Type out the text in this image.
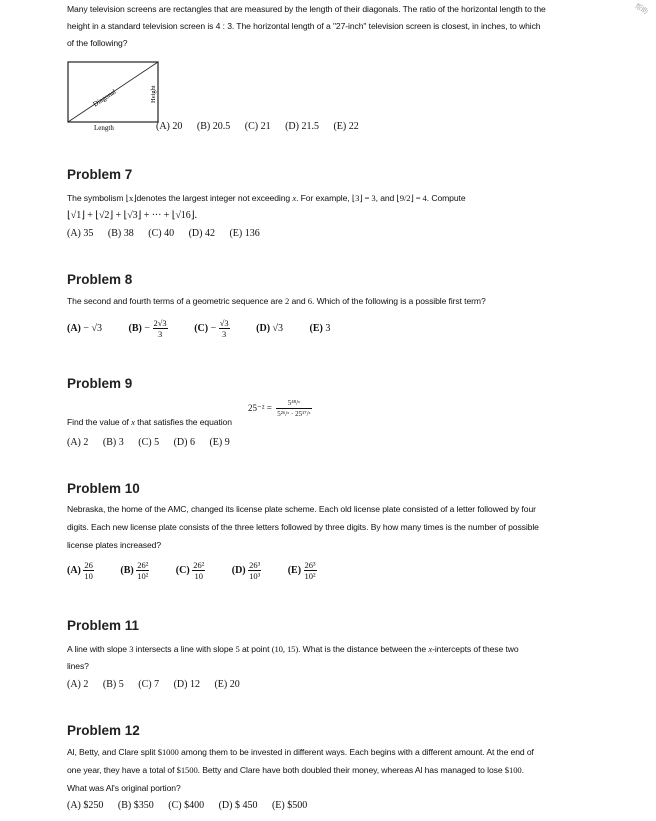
帮助
Many television screens are rectangles that are measured by the length of their diagonals. The ratio of the horizontal length to the
height in a standard television screen is 4 : 3. The horizontal length of a "27-inch" television screen is closest, in inches, to which
of the following?
Diagonal	Height
Length	(A) 20 (B) 20.5 (C) 21 (D) 21.5 (E) 22
Problem 7
The symbolism ⌊x⌋denotes the largest integer not exceeding x. For example, ⌊3⌋ = 3, and ⌊9/2⌋ = 4. Compute
⌊√1⌋ + ⌊√2⌋ + ⌊√3⌋ + ··· + ⌊√16⌋.
(A) 35 (B) 38 (C) 40 (D) 42 (E) 136
Problem 8
The second and fourth terms of a geometric sequence are 2 and 6. Which of the following is a possible first term?
(A) − √3	$(B) - \frac{2√3}{3} (C) - \frac{√3}{3} (D)$ √3	(E) 3
Problem 9
$25^{-2} = \frac{\text{5⁴⁸/ˣ}}{\text{5²⁶/ˣ · 25¹⁷/ˣ}}$
Find the value of x that satisfies the equation
(A) 2 (B) 3 (C) 5 (D) 6 (E) 9
Problem 10
Nebraska, the home of the AMC, changed its license plate scheme. Each old license plate consisted of a letter followed by four
digits. Each new license plate consists of the three letters followed by three digits. By how many times is the number of possible
license plates increased?
$(A) \frac{26}{10} (B) \frac{\text{26²}}{\text{10²}} (C) \frac{\text{26²}}{10} (D) \frac{\text{26³}}{\text{10³}} (E) \frac{\text{26³}}{\text{10²}}$
Problem 11
A line with slope 3 intersects a line with slope 5 at point (10, 15). What is the distance between the x-intercepts of these two
lines?
(A) 2 (B) 5 (C) 7 (D) 12 (E) 20
Problem 12
Al, Betty, and Clare split $1000 among them to be invested in different ways. Each begins with a different amount. At the end of
one year, they have a total of $1500. Betty and Clare have both doubled their money, whereas Al has managed to lose $100.
What was Al's original portion?
(A) $250 (B) $350 (C) $400 (D) $ 450 (E) $500
